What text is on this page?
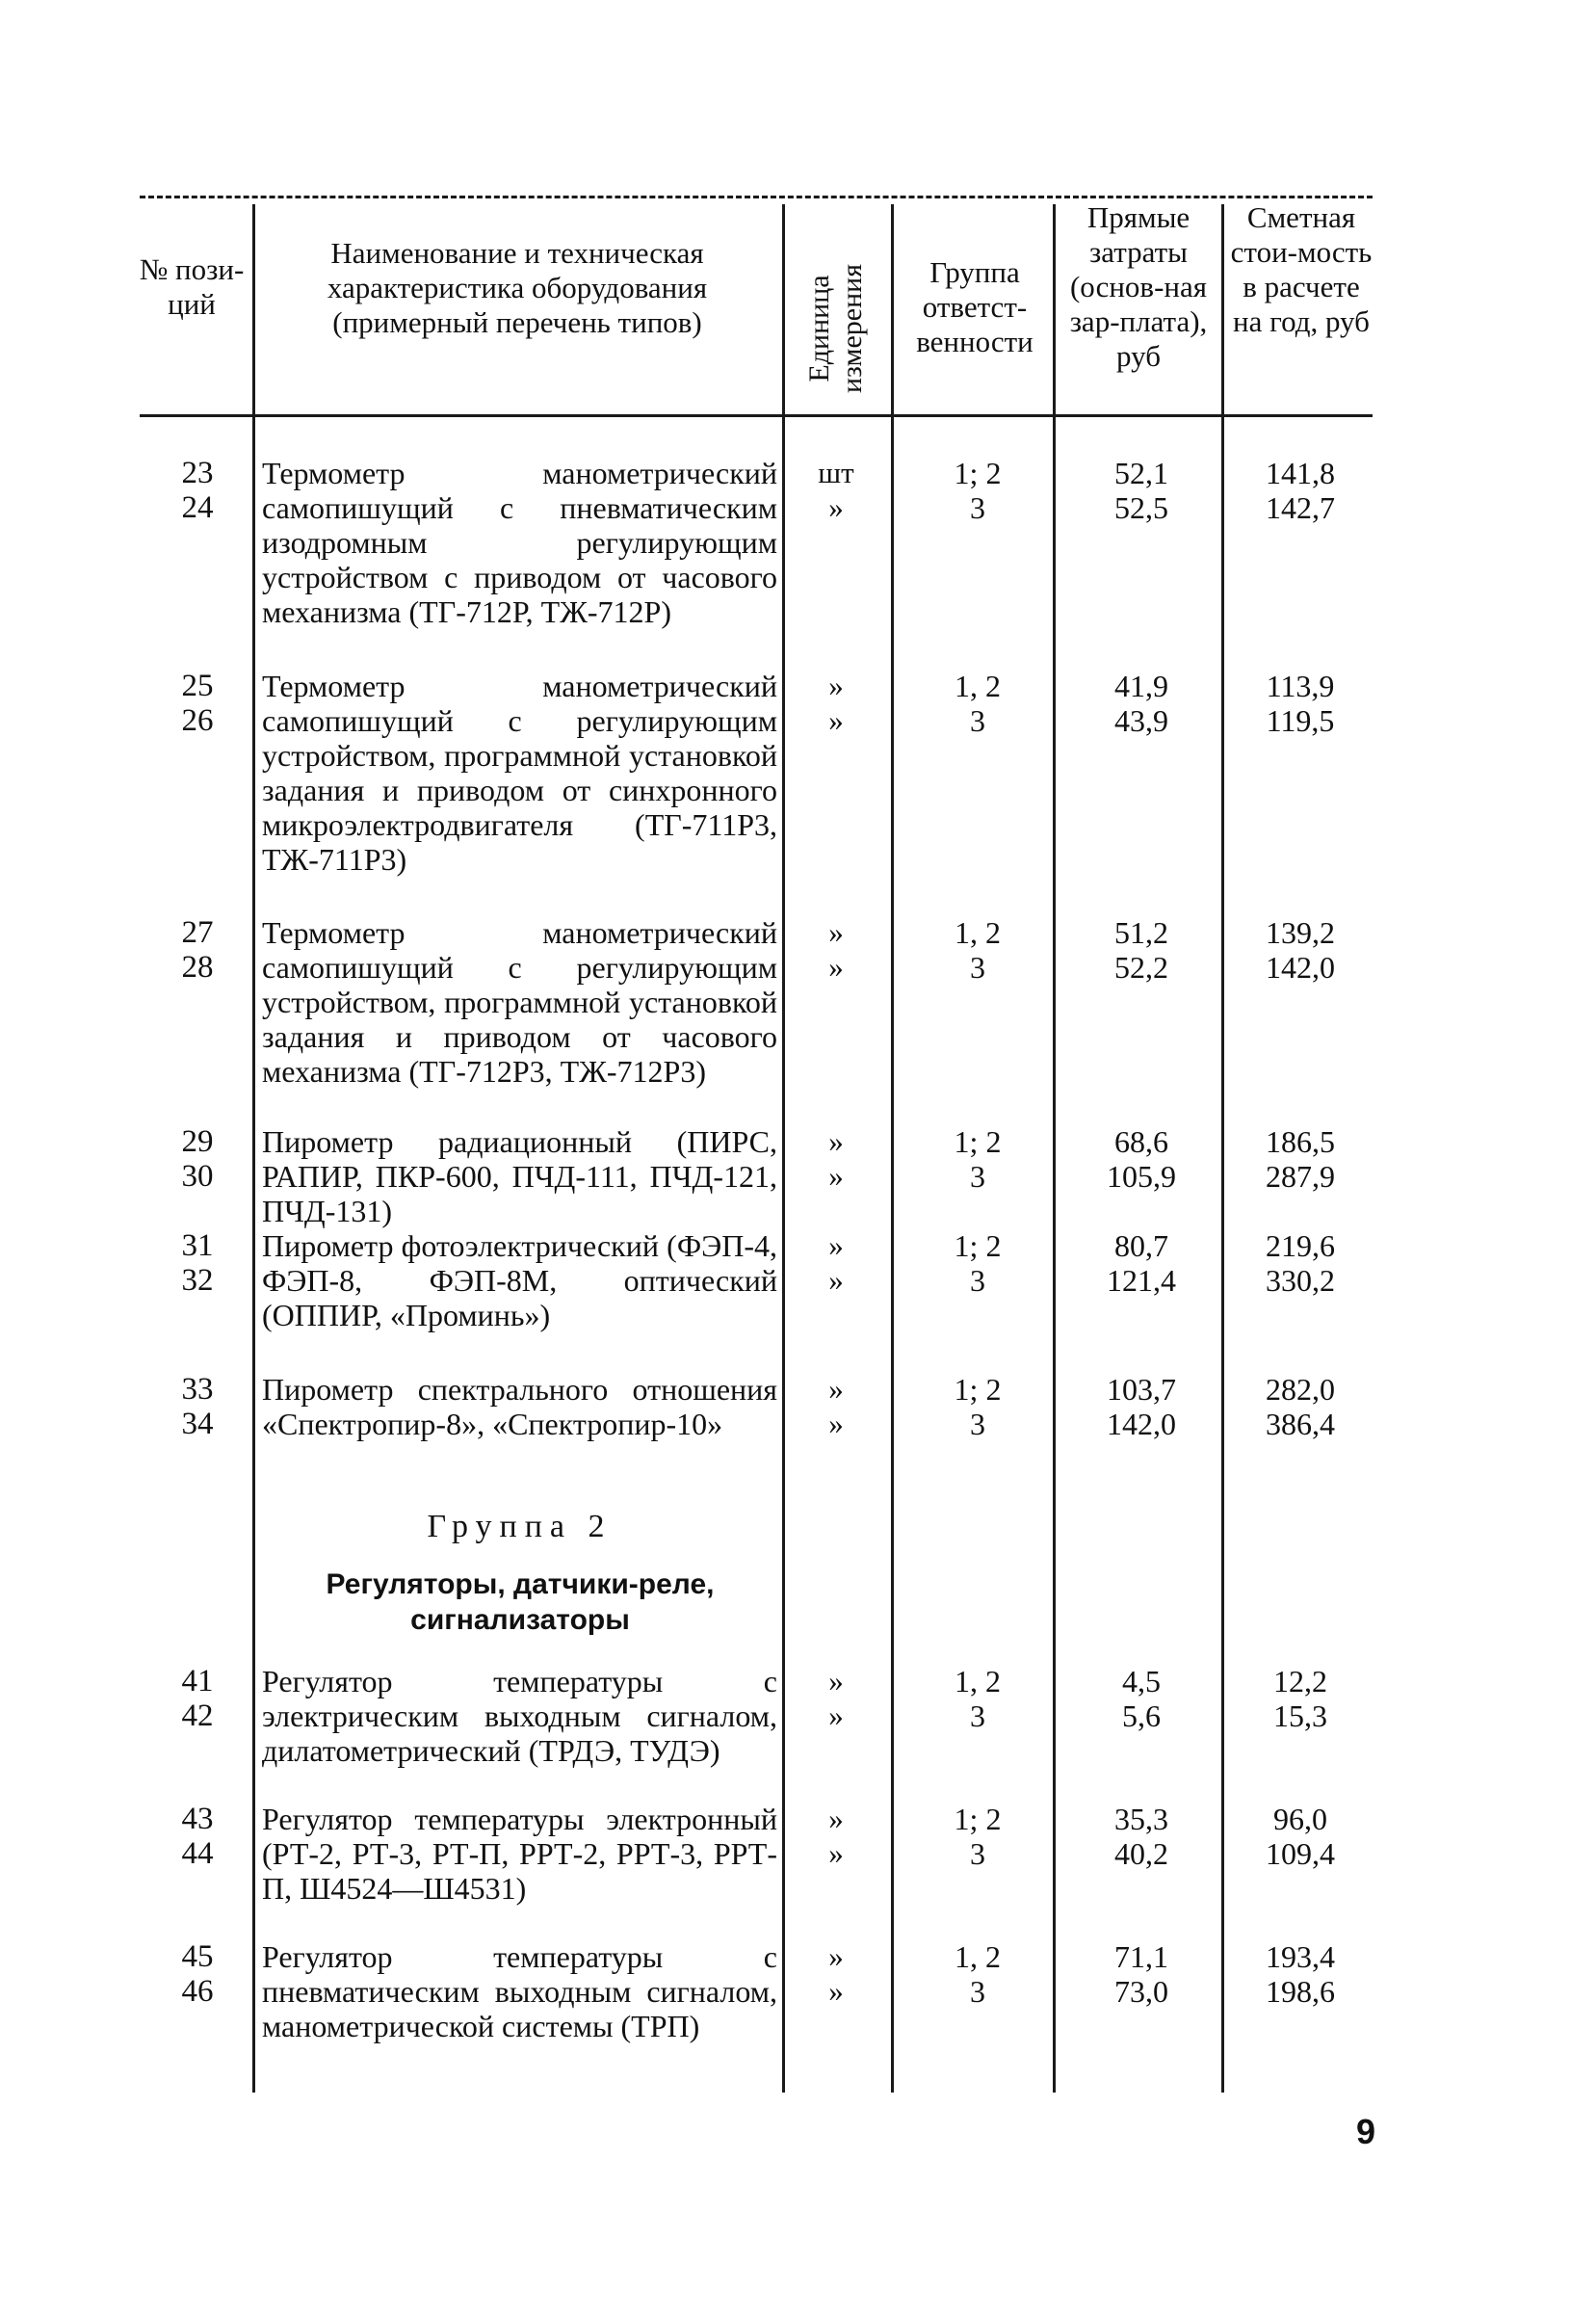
№ пози-ций
Наименование и техническая характеристика оборудования (примерный перечень типов)	Единица измерения	Группа ответст-венности
Прямые затраты (основ-ная зар-плата), руб
Сметная стои-мость в расчете на год, руб
23
24
Термометр манометрический самопишущий с пневматическим изодромным регулирующим устройством с приводом от часового механизма (ТГ-712Р, ТЖ-712Р)
шт
»
1; 2
3
52,1
52,5
141,8
142,7
25
26
Термометр манометрический самопишущий с регулирующим устройством, программной установкой задания и приводом от синхронного микроэлектродвигателя (ТГ-711Р3, ТЖ-711Р3)
»
»
1, 2
3
41,9
43,9
113,9
119,5
27
28
Термометр манометрический самопишущий с регулирующим устройством, программной установкой задания и приводом от часового механизма (ТГ-712Р3, ТЖ-712Р3)
»
»
1, 2
3
51,2
52,2
139,2
142,0
29
30
Пирометр радиационный (ПИРС, РАПИР, ПКР-600, ПЧД-111, ПЧД-121, ПЧД-131)
»
»
1; 2
3
68,6
105,9
186,5
287,9
31
32
Пирометр фотоэлектрический (ФЭП-4, ФЭП-8, ФЭП-8М, оптический (ОППИР, «Проминь»)
»
»
1; 2
3
80,7
121,4
219,6
330,2
33
34
Пирометр спектрального отношения «Спектропир-8», «Спектропир-10»
»
»
1; 2
3
103,7
142,0
282,0
386,4
Группа 2
Регуляторы, датчики-реле, сигнализаторы
41
42
Регулятор температуры с электрическим выходным сигналом, дилатометрический (ТРДЭ, ТУДЭ)
»
»
1, 2
3
4,5
5,6
12,2
15,3
43
44
Регулятор температуры электронный (РТ-2, РТ-3, РТ-П, РРТ-2, РРТ-3, РРТ-П, Ш4524—Ш4531)
»
»
1; 2
3
35,3
40,2
96,0
109,4
45
46
Регулятор температуры с пневматическим выходным сигналом, манометрической системы (ТРП)
»
»
1, 2
3
71,1
73,0
193,4
198,6
9
